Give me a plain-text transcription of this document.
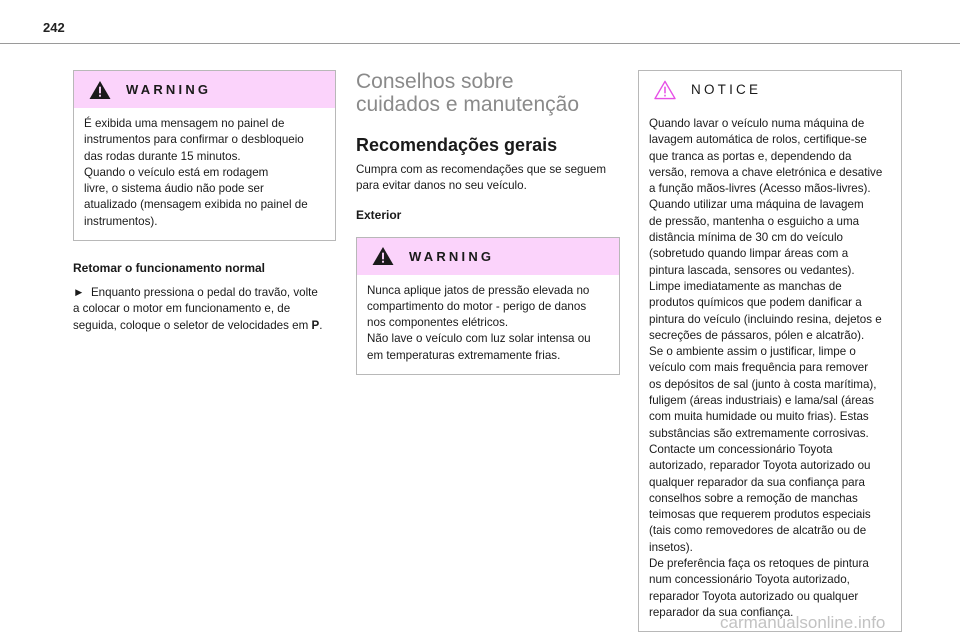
242
WARNING

É exibida uma mensagem no painel de

instrumentos para confirmar o desbloqueio

das rodas durante 15 minutos.

Quando o veículo está em rodagem

livre, o sistema áudio não pode ser

atualizado (mensagem exibida no painel de

instrumentos).

Retomar o funcionamento normal
► Enquanto pressiona o pedal do travão, volte
a colocar o motor em funcionamento e, de
seguida, coloque o seletor de velocidades em P.
Conselhos sobre
cuidados e manutenção
Recomendações gerais
Cumpra com as recomendações que se seguem
para evitar danos no seu veículo.
Exterior
WARNING

Nunca aplique jatos de pressão elevada no

compartimento do motor - perigo de danos

nos componentes elétricos.

Não lave o veículo com luz solar intensa ou

em temperaturas extremamente frias.

NOTICE

Quando lavar o veículo numa máquina de

lavagem automática de rolos, certifique-se

que tranca as portas e, dependendo da

versão, remova a chave eletrónica e desative

a função mãos-livres (Acesso mãos-livres).

Quando utilizar uma máquina de lavagem

de pressão, mantenha o esguicho a uma

distância mínima de 30 cm do veículo

(sobretudo quando limpar áreas com a

pintura lascada, sensores ou vedantes).

Limpe imediatamente as manchas de

produtos químicos que podem danificar a

pintura do veículo (incluindo resina, dejetos e

secreções de pássaros, pólen e alcatrão).

Se o ambiente assim o justificar, limpe o

veículo com mais frequência para remover

os depósitos de sal (junto à costa marítima),

fuligem (áreas industriais) e lama/sal (áreas

com muita humidade ou muito frias). Estas

substâncias são extremamente corrosivas.

Contacte um concessionário Toyota

autorizado, reparador Toyota autorizado ou

qualquer reparador da sua confiança para

conselhos sobre a remoção de manchas

teimosas que requerem produtos especiais

(tais como removedores de alcatrão ou de

insetos).

De preferência faça os retoques de pintura

num concessionário Toyota autorizado,

reparador Toyota autorizado ou qualquer

reparador da sua confiança.

carmanualsonline.info
